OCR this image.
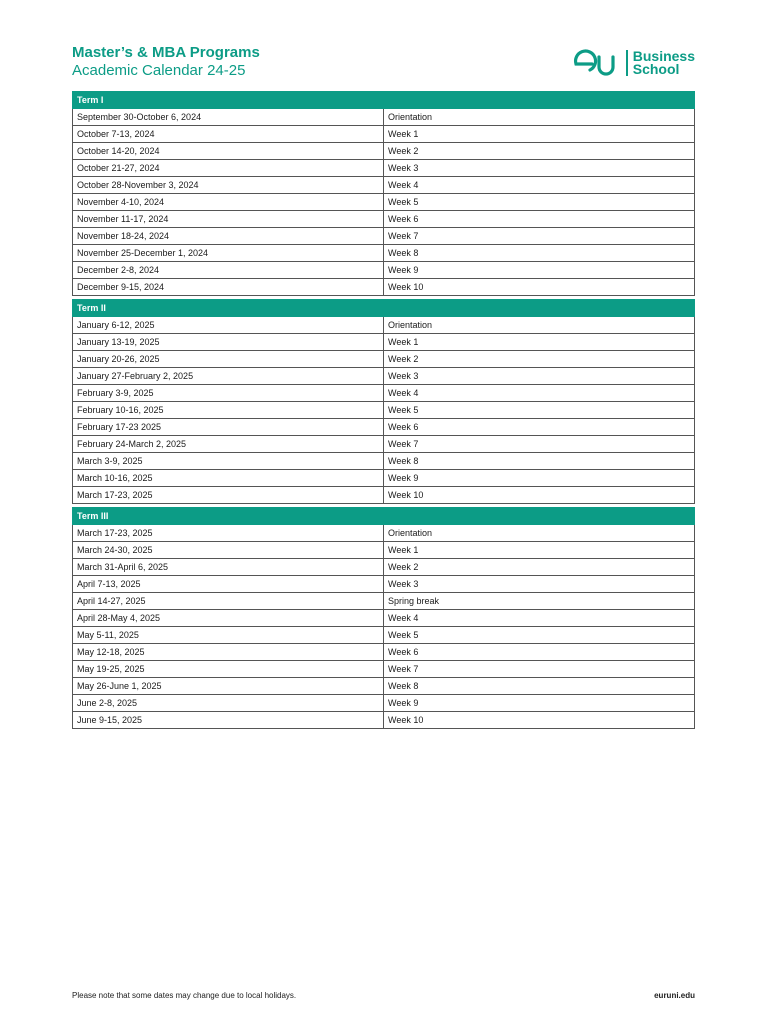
Master’s & MBA Programs

Academic Calendar 24-25

Business
School
Term I	
September 30-October 6, 2024	Orientation
October 7-13, 2024	Week 1
October 14-20, 2024	Week 2
October 21-27, 2024	Week 3
October 28-November 3, 2024	Week 4
November 4-10, 2024	Week 5
November 11-17, 2024	Week 6
November 18-24, 2024	Week 7
November 25-December 1, 2024	Week 8
December 2-8, 2024	Week 9
December 9-15, 2024	Week 10

Term II	
January 6-12, 2025	Orientation
January 13-19, 2025	Week 1
January 20-26, 2025	Week 2
January 27-February 2, 2025	Week 3
February 3-9, 2025	Week 4
February 10-16, 2025	Week 5
February 17-23 2025	Week 6
February 24-March 2, 2025	Week 7
March 3-9, 2025	Week 8
March 10-16, 2025	Week 9
March 17-23, 2025	Week 10

Term III	
March 17-23, 2025	Orientation
March 24-30, 2025	Week 1
March 31-April 6, 2025	Week 2
April 7-13, 2025	Week 3
April 14-27, 2025	Spring break
April 28-May 4, 2025	Week 4
May 5-11, 2025	Week 5
May 12-18, 2025	Week 6
May 19-25, 2025	Week 7
May 26-June 1, 2025	Week 8
June 2-8, 2025	Week 9
June 9-15, 2025	Week 10
Please note that some dates may change due to local holidays.	euruni.edu
